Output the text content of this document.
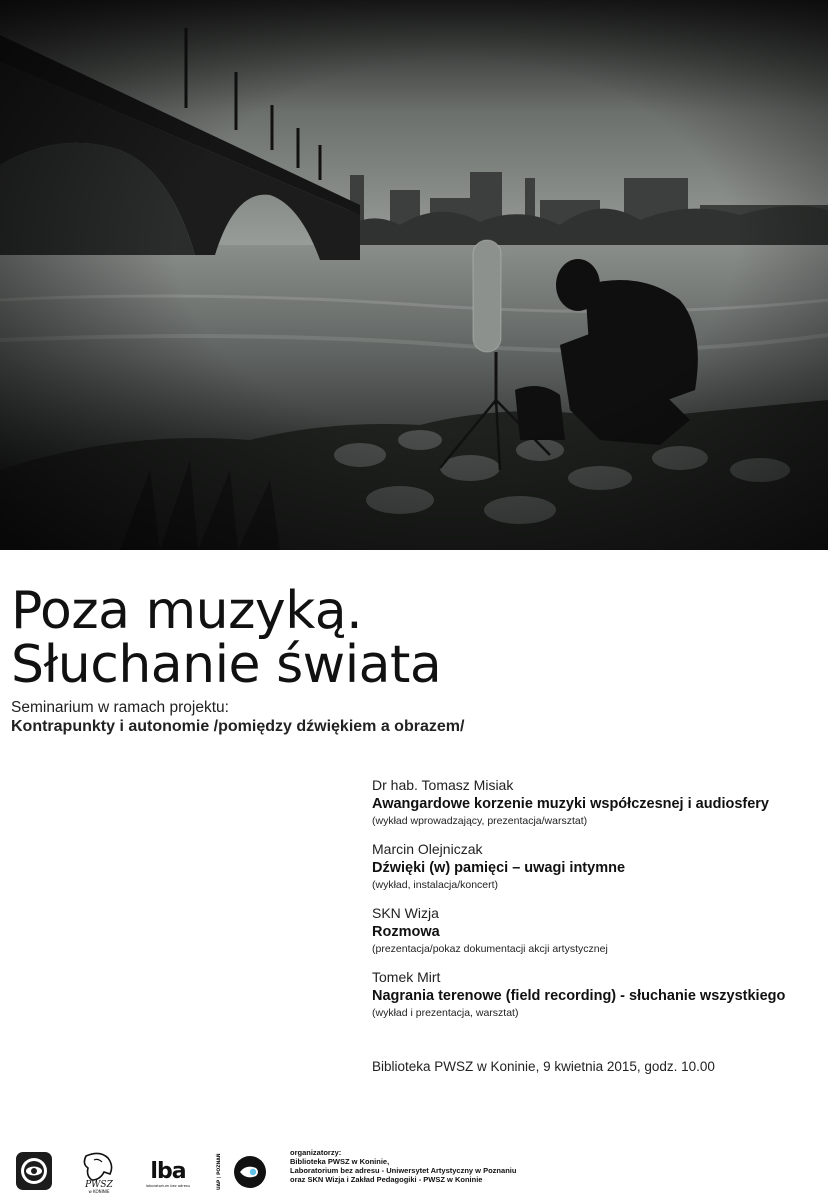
Poza muzyką.
Słuchanie świata
Seminarium w ramach projektu:
Kontrapunkty i autonomie /pomiędzy dźwiękiem a obrazem/
Dr hab. Tomasz Misiak
Awangardowe korzenie muzyki współczesnej i audiosfery
(wykład wprowadzający, prezentacja/warsztat)
Marcin Olejniczak
Dźwięki (w) pamięci – uwagi intymne
(wykład, instalacja/koncert)
SKN Wizja
Rozmowa
(prezentacja/pokaz dokumentacji akcji artystycznej
Tomek Mirt
Nagrania terenowe (field recording) - słuchanie wszystkiego
(wykład i prezentacja, warsztat)
Biblioteka PWSZ w Koninie, 9 kwietnia 2015, godz. 10.00
PWSZ
w KONINIE
lba
laboratorium bez adresu	UAP | POZNAŃ
organizatorzy:
Biblioteka PWSZ w Koninie,
Laboratorium bez adresu - Uniwersytet Artystyczny w Poznaniu
oraz SKN Wizja i Zakład Pedagogiki - PWSZ w Koninie
